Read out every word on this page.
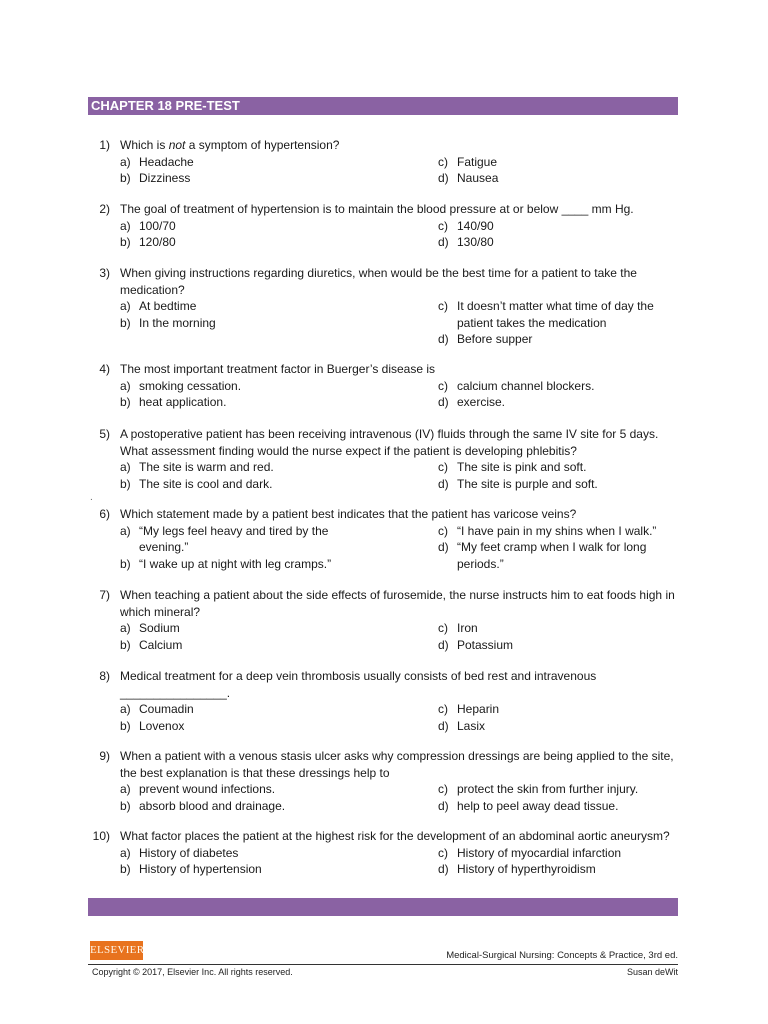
CHAPTER 18 PRE-TEST
1) Which is not a symptom of hypertension?
a) Headache
b) Dizziness
c) Fatigue
d) Nausea
2) The goal of treatment of hypertension is to maintain the blood pressure at or below ____ mm Hg.
a) 100/70
b) 120/80
c) 140/90
d) 130/80
3) When giving instructions regarding diuretics, when would be the best time for a patient to take the medication?
a) At bedtime
b) In the morning
c) It doesn’t matter what time of day the patient takes the medication
d) Before supper
4) The most important treatment factor in Buerger’s disease is
a) smoking cessation.
b) heat application.
c) calcium channel blockers.
d) exercise.
5) A postoperative patient has been receiving intravenous (IV) fluids through the same IV site for 5 days. What assessment finding would the nurse expect if the patient is developing phlebitis?
a) The site is warm and red.
b) The site is cool and dark.
c) The site is pink and soft.
d) The site is purple and soft.
6) Which statement made by a patient best indicates that the patient has varicose veins?
a) “My legs feel heavy and tired by the evening.”
b) “I wake up at night with leg cramps.”
c) “I have pain in my shins when I walk.”
d) “My feet cramp when I walk for long periods.”
7) When teaching a patient about the side effects of furosemide, the nurse instructs him to eat foods high in which mineral?
a) Sodium
b) Calcium
c) Iron
d) Potassium
8) Medical treatment for a deep vein thrombosis usually consists of bed rest and intravenous ________________.
a) Coumadin
b) Lovenox
c) Heparin
d) Lasix
9) When a patient with a venous stasis ulcer asks why compression dressings are being applied to the site, the best explanation is that these dressings help to
a) prevent wound infections.
b) absorb blood and drainage.
c) protect the skin from further injury.
d) help to peel away dead tissue.
10) What factor places the patient at the highest risk for the development of an abdominal aortic aneurysm?
a) History of diabetes
b) History of hypertension
c) History of myocardial infarction
d) History of hyperthyroidism
.
ELSEVIER	Medical-Surgical Nursing: Concepts & Practice, 3rd ed.
Copyright © 2017, Elsevier Inc. All rights reserved.	Susan deWit
